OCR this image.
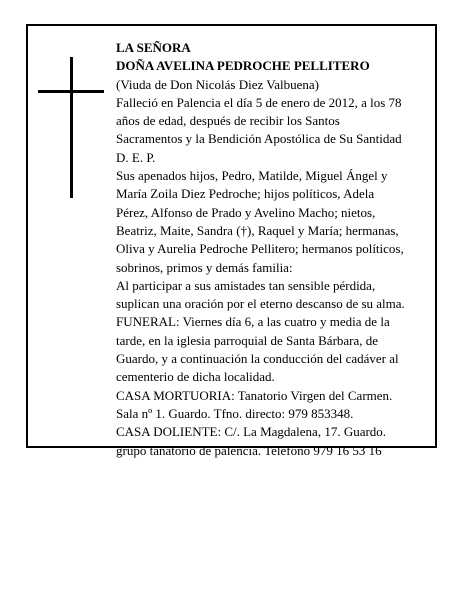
LA SEÑORA

DOÑA AVELINA PEDROCHE PELLITERO

(Viuda de Don Nicolás Diez Valbuena)

Falleció en Palencia el día 5 de enero de 2012, a los 78
años de edad, después de recibir los Santos
Sacramentos y la Bendición Apostólica de Su Santidad
D. E. P.

Sus apenados hijos, Pedro, Matilde, Miguel Ángel y
María Zoila Diez Pedroche; hijos políticos, Adela
Pérez, Alfonso de Prado y Avelino Macho; nietos,
Beatriz, Maite, Sandra (†), Raquel y María; hermanas,
Oliva y Aurelia Pedroche Pellitero; hermanos políticos,
sobrinos, primos y demás familia:

Al participar a sus amistades tan sensible pérdida,
suplican una oración por el eterno descanso de su alma.

FUNERAL: Viernes día 6, a las cuatro y media de la
tarde, en la iglesia parroquial de Santa Bárbara, de
Guardo, y a continuación la conducción del cadáver al
cementerio de dicha localidad.

CASA MORTUORIA: Tanatorio Virgen del Carmen.
Sala nº 1. Guardo. Tfno. directo: 979 853348.

CASA DOLIENTE: C/. La Magdalena, 17. Guardo.
grupo tanatorio de palencia. Teléfono 979 16 53 16
